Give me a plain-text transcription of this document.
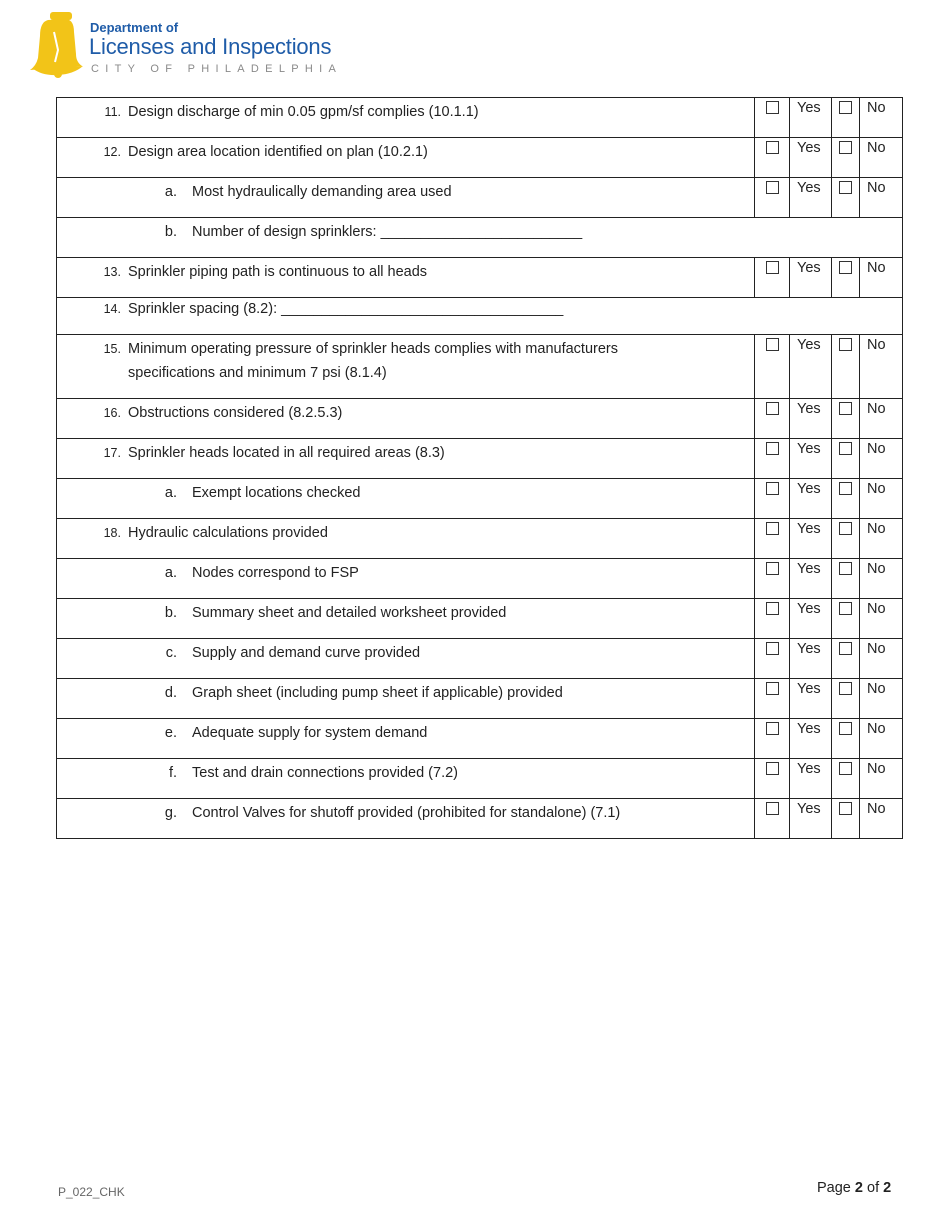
Department of
Licenses and Inspections
CITY OF PHILADELPHIA
11. Design discharge of min 0.05 gpm/sf complies (10.1.1)		Yes		No

12. Design area location identified on plan (10.2.1)		Yes		No

a. Most hydraulically demanding area used		Yes		No

b. Number of design sprinklers: _________________________				

13. Sprinkler piping path is continuous to all heads		Yes		No

14. Sprinkler spacing (8.2): ___________________________________				

15. Minimum operating pressure of sprinkler heads complies with manufacturers specifications and minimum 7 psi (8.1.4)		Yes		No

16. Obstructions considered (8.2.5.3)		Yes		No

17. Sprinkler heads located in all required areas (8.3)		Yes		No

a. Exempt locations checked		Yes		No

18. Hydraulic calculations provided		Yes		No

a. Nodes correspond to FSP		Yes		No

b. Summary sheet and detailed worksheet provided		Yes		No

c. Supply and demand curve provided		Yes		No

d. Graph sheet (including pump sheet if applicable) provided		Yes		No

e. Adequate supply for system demand		Yes		No

f. Test and drain connections provided (7.2)		Yes		No

g. Control Valves for shutoff provided (prohibited for standalone) (7.1)		Yes		No
P_022_CHK	Page 2 of 2
